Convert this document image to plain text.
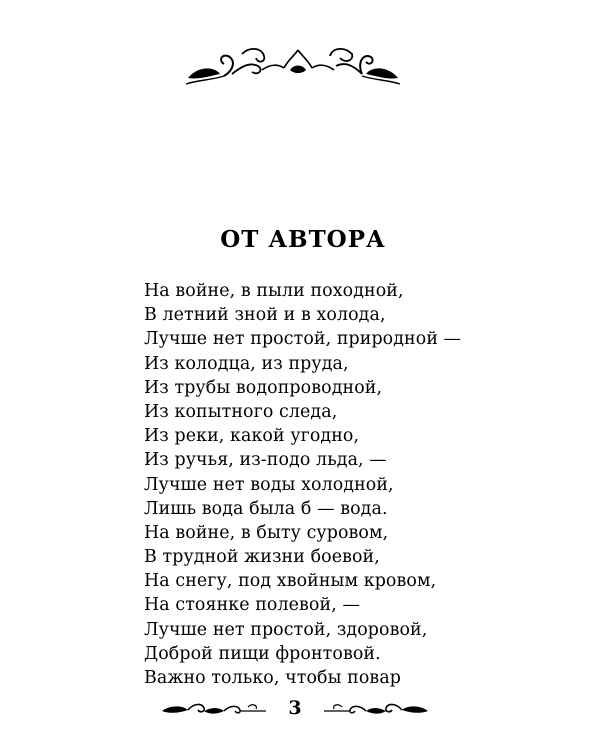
ОТ АВТОРА
На войне, в пыли походной,
В летний зной и в холода,
Лучше нет простой, природной —
Из колодца, из пруда,
Из трубы водопроводной,
Из копытного следа,
Из реки, какой угодно,
Из ручья, из-подо льда, —
Лучше нет воды холодной,
Лишь вода была б — вода.
На войне, в быту суровом,
В трудной жизни боевой,
На снегу, под хвойным кровом,
На стоянке полевой, —
Лучше нет простой, здоровой,
Доброй пищи фронтовой.
Важно только, чтобы повар
3
